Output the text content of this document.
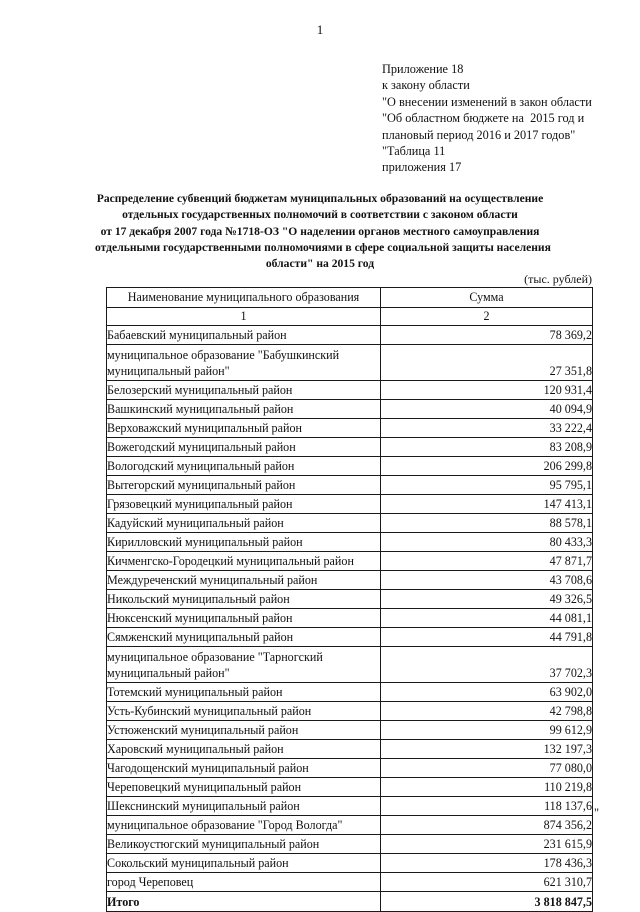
1
Приложение 18
к закону области
"О внесении изменений в закон области
"Об областном бюджете на  2015 год и
плановый период 2016 и 2017 годов"
"Таблица 11
приложения 17
Распределение субвенций бюджетам муниципальных образований на осуществление
отдельных государственных полномочий в соответствии с законом области
от 17 декабря 2007 года №1718-ОЗ "О наделении органов местного самоуправления
отдельными государственными полномочиями в сфере социальной защиты населения
области" на 2015 год
(тыс. рублей)
Наименование муниципального образования	Сумма
1	2
Бабаевский муниципальный район	78 369,2
муниципальное образование "Бабушкинский муниципальный район"	27 351,8
Белозерский муниципальный район	120 931,4
Вашкинский муниципальный район	40 094,9
Верховажский муниципальный район	33 222,4
Вожегодский муниципальный район	83 208,9
Вологодский муниципальный район	206 299,8
Вытегорский муниципальный район	95 795,1
Грязовецкий муниципальный район	147 413,1
Кадуйский муниципальный район	88 578,1
Кирилловский муниципальный район	80 433,3
Кичменгско-Городецкий муниципальный район	47 871,7
Междуреченский муниципальный район	43 708,6
Никольский муниципальный район	49 326,5
Нюксенский муниципальный район	44 081,1
Сямженский муниципальный район	44 791,8
муниципальное образование "Тарногский муниципальный район"	37 702,3
Тотемский муниципальный район	63 902,0
Усть-Кубинский муниципальный район	42 798,8
Устюженский муниципальный район	99 612,9
Харовский муниципальный район	132 197,3
Чагодощенский муниципальный район	77 080,0
Череповецкий муниципальный район	110 219,8
Шекснинский муниципальный район	118 137,6
муниципальное образование "Город Вологда"	874 356,2
Великоустюгский муниципальный район	231 615,9
Сокольский муниципальный район	178 436,3
город Череповец	621 310,7
Итого	3 818 847,5
"
